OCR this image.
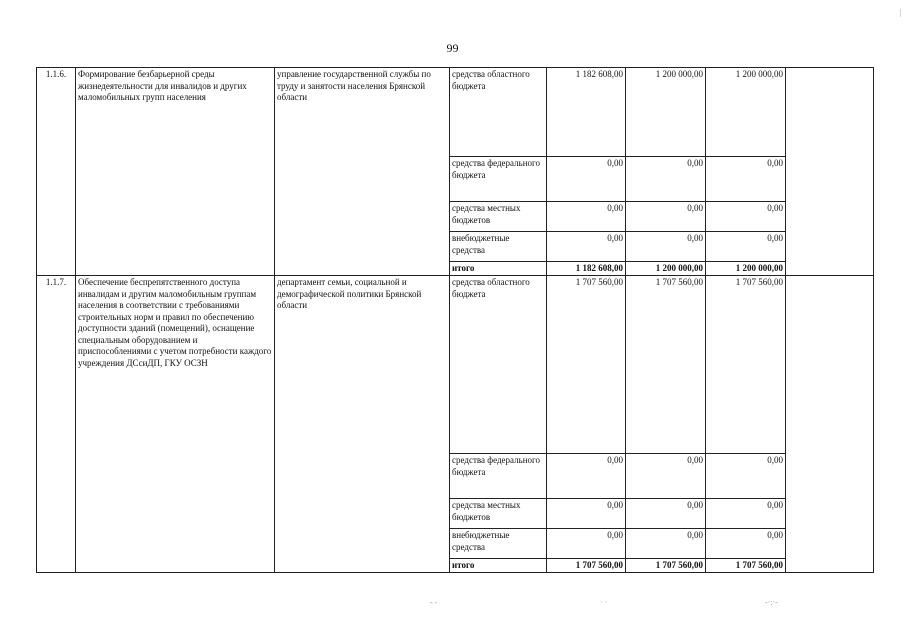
99
1.1.6.	Формирование безбарьерной среды жизнедеятельности для инвалидов и других маломобильных групп населения	управление государственной службы по труду и занятости населения Брянской области	средства областного бюджета	1 182 608,00	1 200 000,00	1 200 000,00	
			средства федерального бюджета	0,00	0,00	0,00	
			средства местных бюджетов	0,00	0,00	0,00	
			внебюджетные средства	0,00	0,00	0,00	
			итого	1 182 608,00	1 200 000,00	1 200 000,00	
1.1.7.	Обеспечение беспрепятственного доступа инвалидам и другим маломобильным группам населения в соответствии с требованиями строительных норм и правил по обеспечению доступности зданий (помещений), оснащение специальным оборудованием и приспособлениями с учетом потребности каждого учреждения ДСсиДП, ГКУ ОСЗН	департамент семьи, социальной и демографической политики Брянской области	средства областного бюджета	1 707 560,00	1 707 560,00	1 707 560,00	
			средства федерального бюджета	0,00	0,00	0,00	
			средства местных бюджетов	0,00	0,00	0,00	
			внебюджетные средства	0,00	0,00	0,00	
			итого	1 707 560,00	1 707 560,00	1 707 560,00	
|
- -	· ·	-·:·-
